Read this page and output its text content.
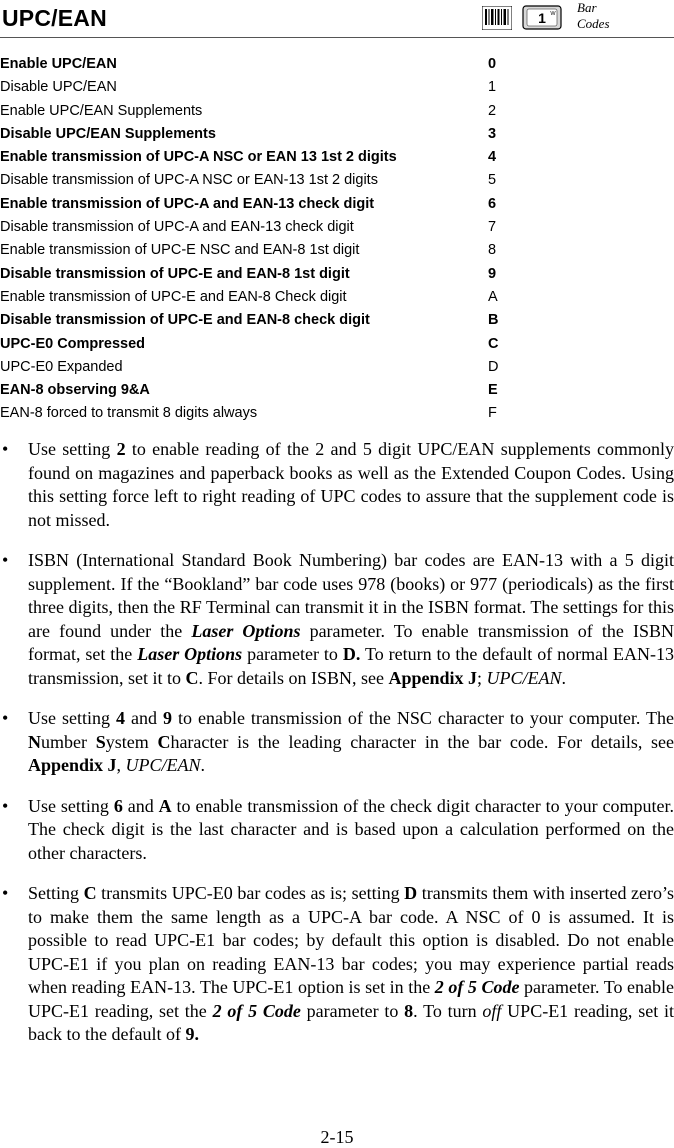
UPC/EAN	1 W Bar
Codes
Enable UPC/EAN	0
Disable UPC/EAN	1
Enable UPC/EAN Supplements	2
Disable UPC/EAN Supplements	3
Enable transmission of UPC-A NSC or EAN 13 1st 2 digits	4
Disable transmission of UPC-A NSC or EAN-13 1st 2 digits	5
Enable transmission of UPC-A and EAN-13 check digit	6
Disable transmission of UPC-A and EAN-13 check digit	7
Enable transmission of UPC-E NSC and EAN-8 1st digit	8
Disable transmission of UPC-E and EAN-8 1st digit	9
Enable transmission of UPC-E and EAN-8 Check digit	A
Disable transmission of UPC-E and EAN-8 check digit	B
UPC-E0 Compressed	C
UPC-E0 Expanded	D
EAN-8 observing 9&A	E
EAN-8 forced to transmit 8 digits always	F
• Use setting 2 to enable reading of the 2 and 5 digit UPC/EAN supplements commonly found on magazines and paperback books as well as the Extended Coupon Codes. Using this setting force left to right reading of UPC codes to assure that the supplement code is not missed.
• ISBN (International Standard Book Numbering) bar codes are EAN-13 with a 5 digit supplement. If the “Bookland” bar code uses 978 (books) or 977 (periodicals) as the first three digits, then the RF Terminal can transmit it in the ISBN format. The settings for this are found under the Laser Options parameter. To enable transmission of the ISBN format, set the Laser Options parameter to D. To return to the default of normal EAN-13 transmission, set it to C. For details on ISBN, see Appendix J; UPC/EAN.
• Use setting 4 and 9 to enable transmission of the NSC character to your computer. The Number System Character is the leading character in the bar code. For details, see Appendix J, UPC/EAN.
• Use setting 6 and A to enable transmission of the check digit character to your computer. The check digit is the last character and is based upon a calculation performed on the other characters.
• Setting C transmits UPC-E0 bar codes as is; setting D transmits them with inserted zero’s to make them the same length as a UPC-A bar code. A NSC of 0 is assumed. It is possible to read UPC-E1 bar codes; by default this option is disabled. Do not enable UPC-E1 if you plan on reading EAN-13 bar codes; you may experience partial reads when reading EAN-13. The UPC-E1 option is set in the 2 of 5 Code parameter. To enable UPC-E1 reading, set the 2 of 5 Code parameter to 8. To turn off UPC-E1 reading, set it back to the default of 9.
2-15
